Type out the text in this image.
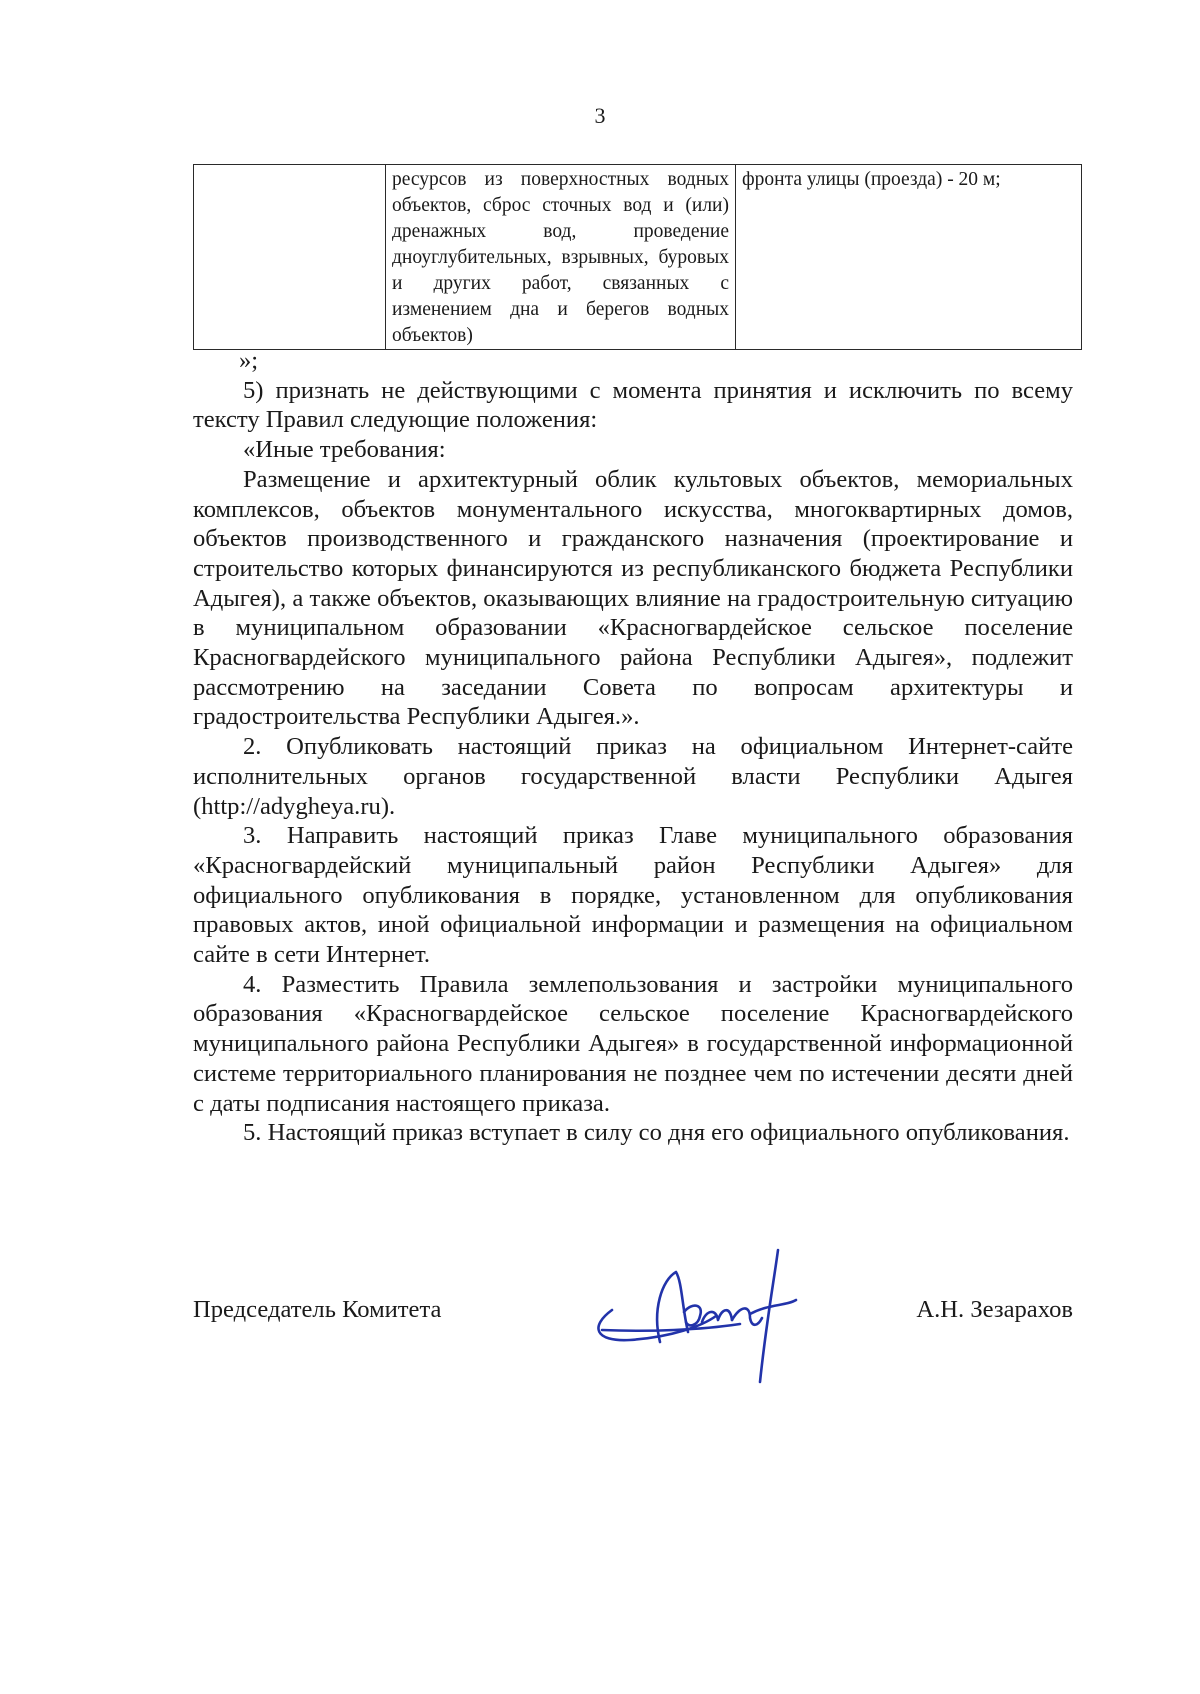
3
	ресурсов из поверхностных водных объектов, сброс сточных вод и (или) дренажных вод, проведение дноуглубительных, взрывных, буровых и других работ, связанных с изменением дна и берегов водных объектов)	фронта улицы (проезда) - 20 м;

»;

5) признать не действующими с момента принятия и исключить по всему тексту Правил следующие положения:

«Иные требования:

Размещение и архитектурный облик культовых объектов, мемориальных комплексов, объектов монументального искусства, многоквартирных домов, объектов производственного и гражданского назначения (проектирование и строительство которых финансируются из республиканского бюджета Республики Адыгея), а также объектов, оказывающих влияние на градостроительную ситуацию в муниципальном образовании «Красногвардейское сельское поселение Красногвардейского муниципального района Республики Адыгея», подлежит рассмотрению на заседании Совета по вопросам архитектуры и градостроительства Республики Адыгея.».

2. Опубликовать настоящий приказ на официальном Интернет-сайте исполнительных органов государственной власти Республики Адыгея (http://adygheya.ru).

3. Направить настоящий приказ Главе муниципального образования «Красногвардейский муниципальный район Республики Адыгея» для официального опубликования в порядке, установленном для опубликования правовых актов, иной официальной информации и размещения на официальном сайте в сети Интернет.

4. Разместить Правила землепользования и застройки муниципального образования «Красногвардейское сельское поселение Красногвардейского муниципального района Республики Адыгея» в государственной информационной системе территориального планирования не позднее чем по истечении десяти дней с даты подписания настоящего приказа.

5. Настоящий приказ вступает в силу со дня его официального опубликования.

Председатель Комитета	А.Н. Зезарахов
